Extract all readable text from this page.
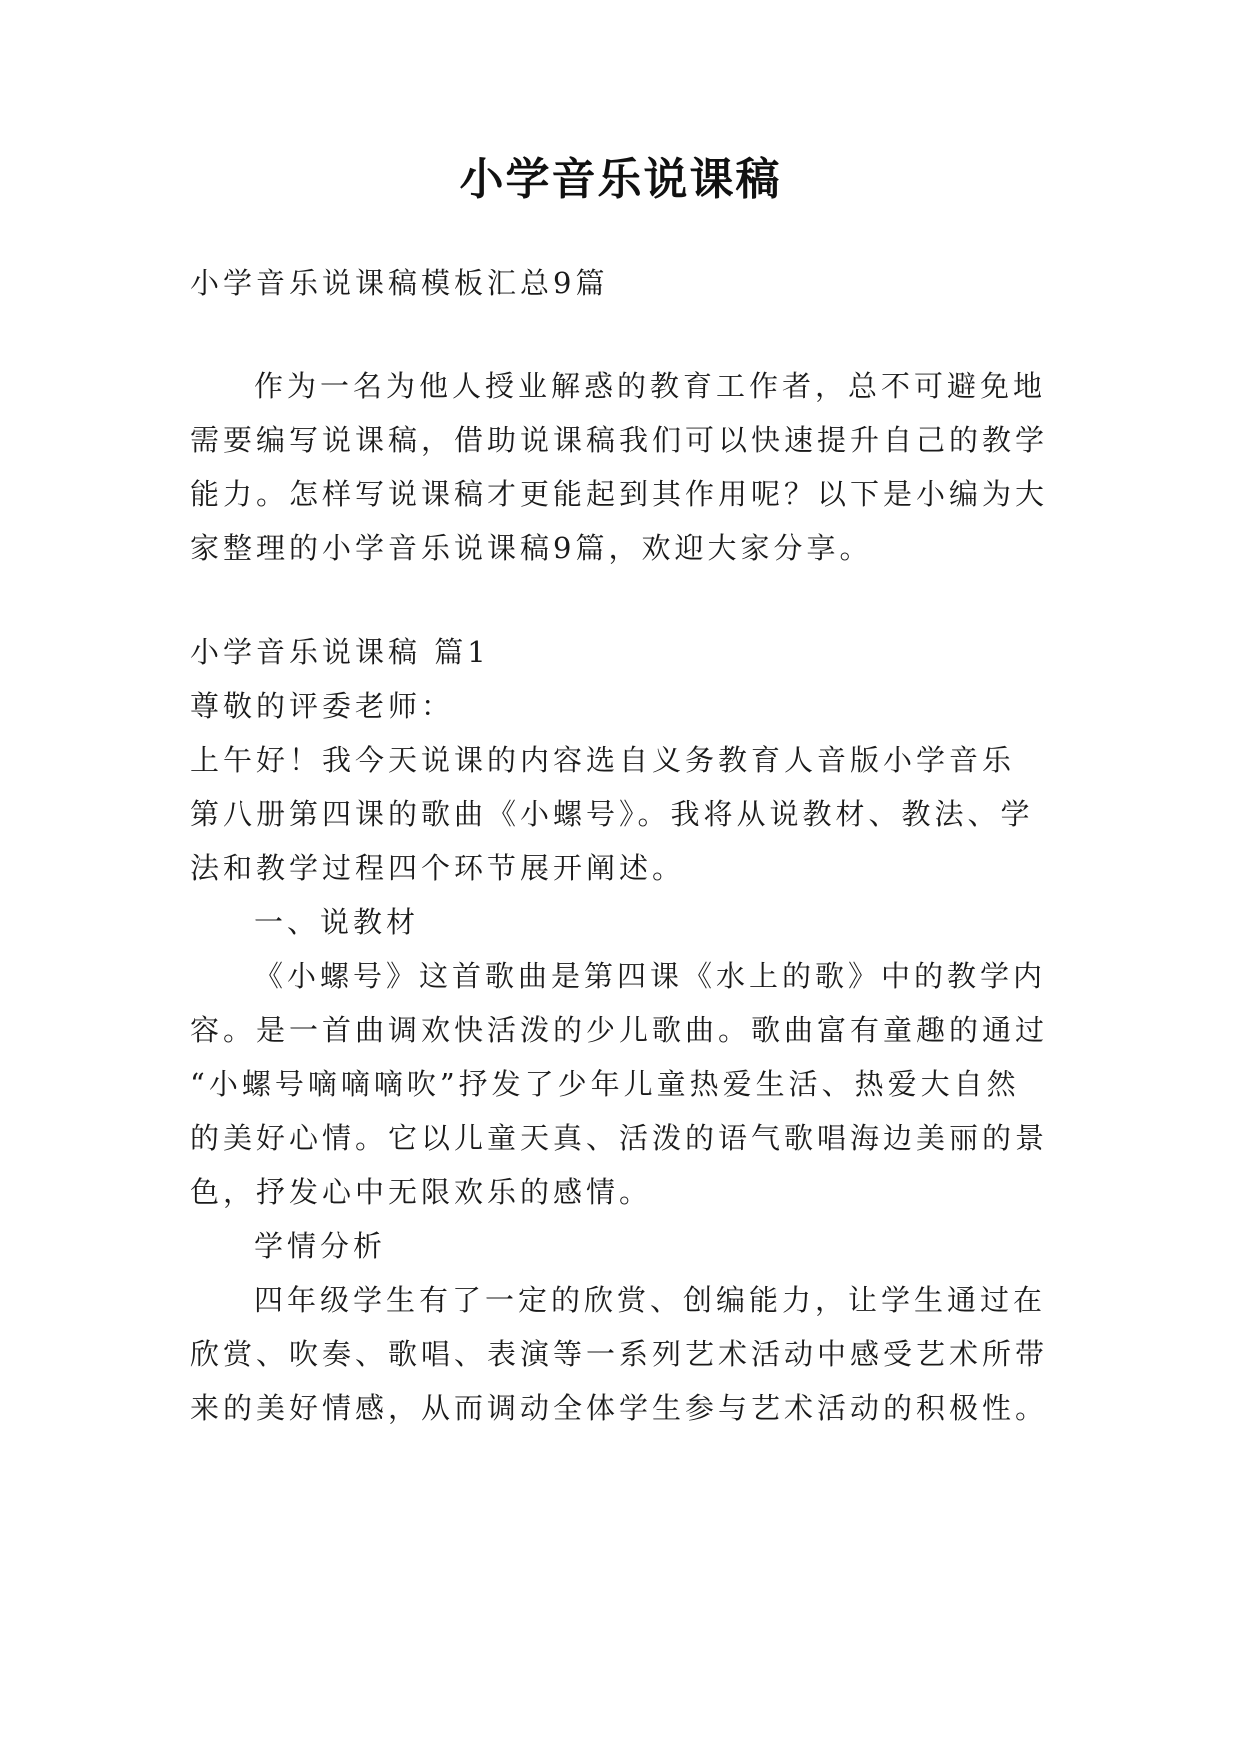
小学音乐说课稿
小学音乐说课稿模板汇总9篇
作为一名为他人授业解惑的教育工作者，总不可避免地
需要编写说课稿，借助说课稿我们可以快速提升自己的教学
能力。怎样写说课稿才更能起到其作用呢？以下是小编为大
家整理的小学音乐说课稿9篇，欢迎大家分享。
小学音乐说课稿 篇1
尊敬的评委老师：
上午好！我今天说课的内容选自义务教育人音版小学音乐
第八册第四课的歌曲《小螺号》。我将从说教材、教法、学
法和教学过程四个环节展开阐述。
一、说教材
《小螺号》这首歌曲是第四课《水上的歌》中的教学内
容。是一首曲调欢快活泼的少儿歌曲。歌曲富有童趣的通过
“小螺号嘀嘀嘀吹”抒发了少年儿童热爱生活、热爱大自然
的美好心情。它以儿童天真、活泼的语气歌唱海边美丽的景
色，抒发心中无限欢乐的感情。
学情分析
四年级学生有了一定的欣赏、创编能力，让学生通过在
欣赏、吹奏、歌唱、表演等一系列艺术活动中感受艺术所带
来的美好情感，从而调动全体学生参与艺术活动的积极性。
